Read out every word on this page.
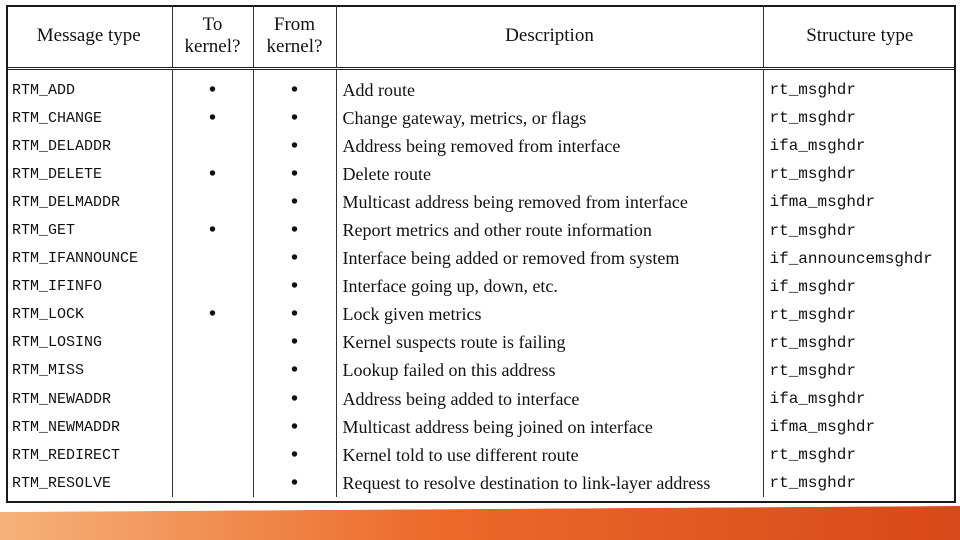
Message type	To kernel?	From kernel?	Description	Structure type
RTM_ADD	•	•	Add route	rt_msghdr
RTM_CHANGE	•	•	Change gateway, metrics, or flags	rt_msghdr
RTM_DELADDR		•	Address being removed from interface	ifa_msghdr
RTM_DELETE	•	•	Delete route	rt_msghdr
RTM_DELMADDR		•	Multicast address being removed from interface	ifma_msghdr
RTM_GET	•	•	Report metrics and other route information	rt_msghdr
RTM_IFANNOUNCE		•	Interface being added or removed from system	if_announcemsghdr
RTM_IFINFO		•	Interface going up, down, etc.	if_msghdr
RTM_LOCK	•	•	Lock given metrics	rt_msghdr
RTM_LOSING		•	Kernel suspects route is failing	rt_msghdr
RTM_MISS		•	Lookup failed on this address	rt_msghdr
RTM_NEWADDR		•	Address being added to interface	ifa_msghdr
RTM_NEWMADDR		•	Multicast address being joined on interface	ifma_msghdr
RTM_REDIRECT		•	Kernel told to use different route	rt_msghdr
RTM_RESOLVE		•	Request to resolve destination to link-layer address	rt_msghdr
